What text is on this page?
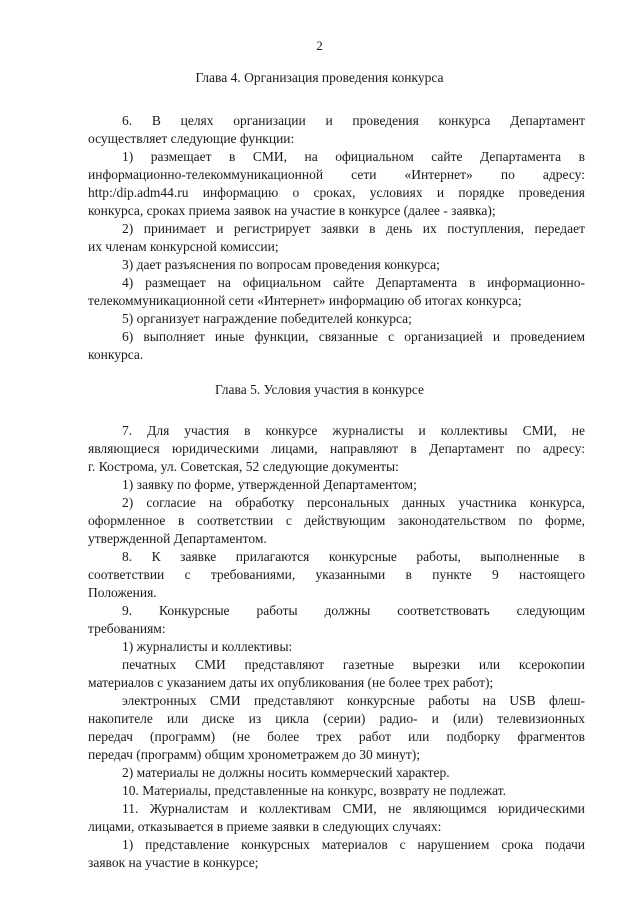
2
Глава 4. Организация проведения конкурса
6. В целях организации и проведения конкурса Департамент
осуществляет следующие функции:
1) размещает в СМИ, на официальном сайте Департамента в
информационно-телекоммуникационной сети «Интернет» по адресу:
http:/dip.adm44.ru информацию о сроках, условиях и порядке проведения
конкурса, сроках приема заявок на участие в конкурсе (далее - заявка);
2) принимает и регистрирует заявки в день их поступления, передает
их членам конкурсной комиссии;
3) дает разъяснения по вопросам проведения конкурса;
4) размещает на официальном сайте Департамента в информационно-
телекоммуникационной сети «Интернет» информацию об итогах конкурса;
5) организует награждение победителей конкурса;
6) выполняет иные функции, связанные с организацией и проведением
конкурса.
Глава 5. Условия участия в конкурсе
7. Для участия в конкурсе журналисты и коллективы СМИ, не
являющиеся юридическими лицами, направляют в Департамент по адресу:
г. Кострома, ул. Советская, 52 следующие документы:
1) заявку по форме, утвержденной Департаментом;
2) согласие на обработку персональных данных участника конкурса,
оформленное в соответствии с действующим законодательством по форме,
утвержденной Департаментом.
8. К заявке прилагаются конкурсные работы, выполненные в
соответствии с требованиями, указанными в пункте 9 настоящего
Положения.
9. Конкурсные работы должны соответствовать следующим
требованиям:
1) журналисты и коллективы:
печатных СМИ представляют газетные вырезки или ксерокопии
материалов с указанием даты их опубликования (не более трех работ);
электронных СМИ представляют конкурсные работы на USB флеш-
накопителе или диске из цикла (серии) радио- и (или) телевизионных
передач (программ) (не более трех работ или подборку фрагментов
передач (программ) общим хронометражем до 30 минут);
2) материалы не должны носить коммерческий характер.
10. Материалы, представленные на конкурс, возврату не подлежат.
11. Журналистам и коллективам СМИ, не являющимся юридическими
лицами, отказывается в приеме заявки в следующих случаях:
1) представление конкурсных материалов с нарушением срока подачи
заявок на участие в конкурсе;
